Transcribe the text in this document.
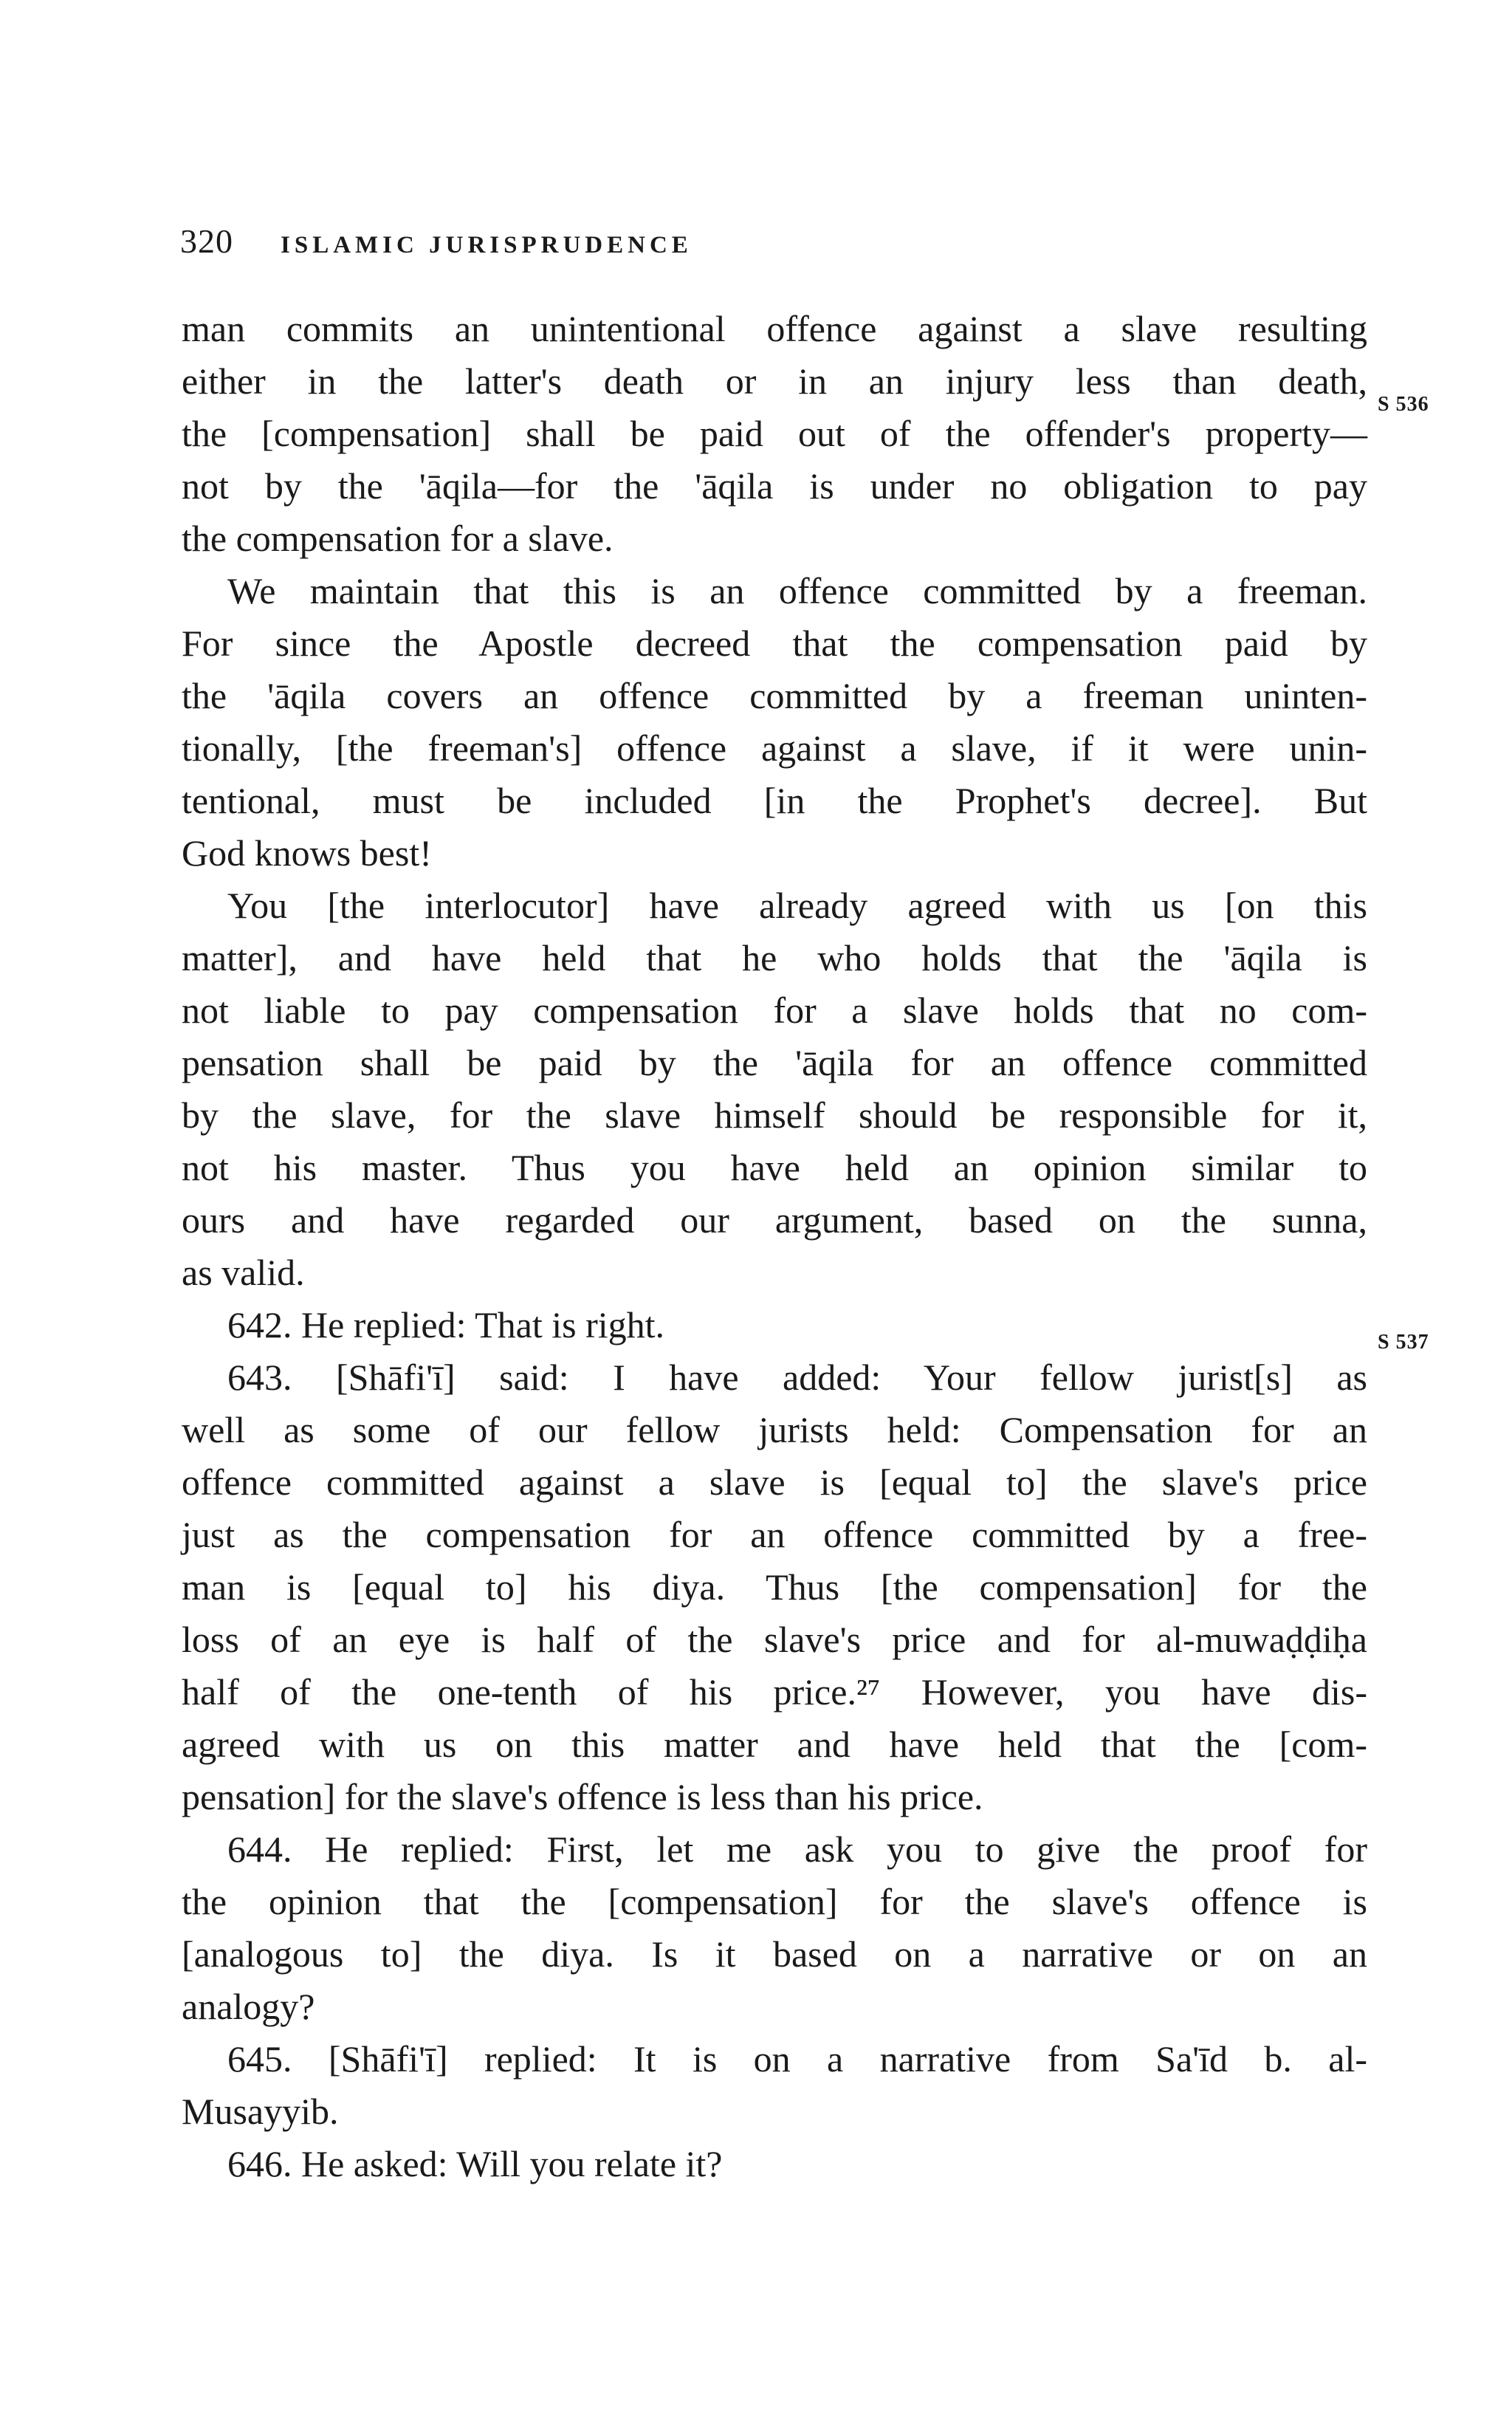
320 ISLAMIC JURISPRUDENCE
S 536
S 537
man commits an unintentional offence against a slave resulting
either in the latter's death or in an injury less than death,
the [compensation] shall be paid out of the offender's property—
not by the 'āqila—for the 'āqila is under no obligation to pay
the compensation for a slave.
We maintain that this is an offence committed by a freeman.
For since the Apostle decreed that the compensation paid by
the 'āqila covers an offence committed by a freeman uninten-
tionally, [the freeman's] offence against a slave, if it were unin-
tentional, must be included [in the Prophet's decree]. But
God knows best!
You [the interlocutor] have already agreed with us [on this
matter], and have held that he who holds that the 'āqila is
not liable to pay compensation for a slave holds that no com-
pensation shall be paid by the 'āqila for an offence committed
by the slave, for the slave himself should be responsible for it,
not his master. Thus you have held an opinion similar to
ours and have regarded our argument, based on the sunna,
as valid.
642. He replied: That is right.
643. [Shāfi'ī] said: I have added: Your fellow jurist[s] as
well as some of our fellow jurists held: Compensation for an
offence committed against a slave is [equal to] the slave's price
just as the compensation for an offence committed by a free-
man is [equal to] his diya. Thus [the compensation] for the
loss of an eye is half of the slave's price and for al-muwaḍḍiḥa
half of the one-tenth of his price.²⁷ However, you have dis-
agreed with us on this matter and have held that the [com-
pensation] for the slave's offence is less than his price.
644. He replied: First, let me ask you to give the proof for
the opinion that the [compensation] for the slave's offence is
[analogous to] the diya. Is it based on a narrative or on an
analogy?
645. [Shāfi'ī] replied: It is on a narrative from Sa'īd b. al-
Musayyib.
646. He asked: Will you relate it?
